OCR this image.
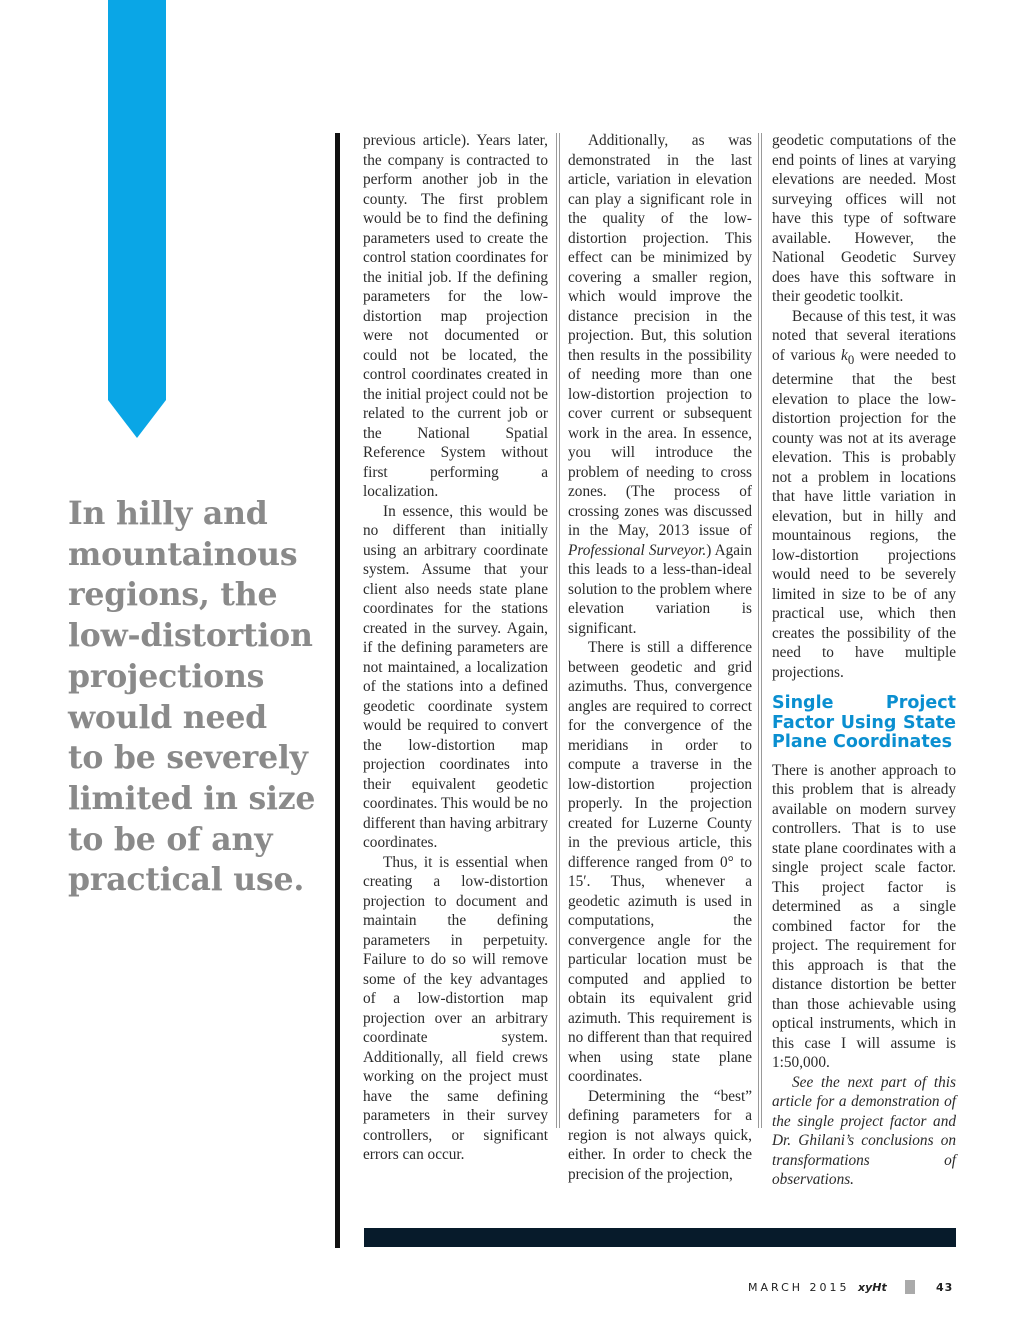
In hilly and
mountainous
regions, the
low-distortion
projections
would need
to be severely
limited in size
to be of any
practical use.

previous article). Years later, the company is contracted to perform another job in the county. The first problem would be to find the defining parameters used to create the control station coordinates for the initial job. If the defining parameters for the low-distortion map projection were not documented or could not be located, the control coordinates created in the initial project could not be related to the current job or the National Spatial Reference System without first performing a localization.

In essence, this would be no different than initially using an arbitrary coordinate system. Assume that your client also needs state plane coordinates for the stations created in the survey. Again, if the defining parameters are not maintained, a localization of the stations into a defined geodetic coordinate system would be required to convert the low-distortion map projection coordinates into their equivalent geodetic coordinates. This would be no different than having arbitrary coordinates.

Thus, it is essential when creating a low-distortion projection to document and maintain the defining parameters in perpetuity. Failure to do so will remove some of the key advantages of a low-distortion map projection over an arbitrary coordinate system. Additionally, all field crews working on the project must have the same defining parameters in their survey controllers, or significant errors can occur.

Additionally, as was demonstrated in the last article, variation in elevation can play a significant role in the quality of the low-distortion projection. This effect can be minimized by covering a smaller region, which would improve the distance precision in the projection. But, this solution then results in the possibility of needing more than one low-distortion projection to cover current or subsequent work in the area. In essence, you will introduce the problem of needing to cross zones. (The process of crossing zones was discussed in the May, 2013 issue of Professional Surveyor.) Again this leads to a less-than-ideal solution to the problem where elevation variation is significant.

There is still a difference between geodetic and grid azimuths. Thus, convergence angles are required to correct for the convergence of the meridians in order to compute a traverse in the low-distortion projection properly. In the projection created for Luzerne County in the previous article, this difference ranged from 0° to 15′. Thus, whenever a geodetic azimuth is used in computations, the convergence angle for the particular location must be computed and applied to obtain its equivalent grid azimuth. This requirement is no different than that required when using state plane coordinates.

Determining the “best” defining parameters for a region is not always quick, either. In order to check the precision of the projection,

geodetic computations of the end points of lines at varying elevations are needed. Most surveying offices will not have this type of software available. However, the National Geodetic Survey does have this software in their geodetic toolkit.

Because of this test, it was noted that several iterations of various $k_0$ were needed to determine that the best elevation to place the low-distortion projection for the county was not at its average elevation. This is probably not a problem in locations that have little variation in elevation, but in hilly and mountainous regions, the low-distortion projections would need to be severely limited in size to be of any practical use, which then creates the possibility of the need to have multiple projections.

Single Project Factor Using State Plane Coordinates

There is another approach to this problem that is already available on modern survey controllers. That is to use state plane coordinates with a single project scale factor. This project factor is determined as a single combined factor for the project. The requirement for this approach is that the distance distortion be better than those achievable using optical instruments, which in this case I will assume is 1:50,000.

See the next part of this article for a demonstration of the single project factor and Dr. Ghilani’s conclusions on transformations of observations.

MARCH 2015 xyHt	43
